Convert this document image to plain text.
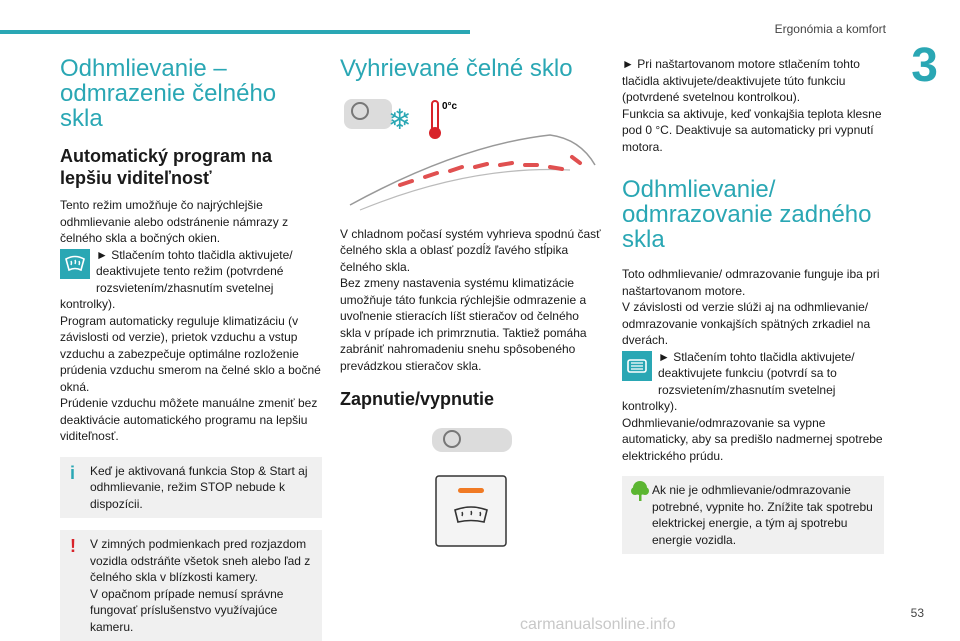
Ergonómia a komfort
3
Odhmlievanie –
odmrazenie čelného skla
Automatický program na
lepšiu viditeľnosť

Tento režim umožňuje čo najrýchlejšie odhmlievanie alebo odstránenie námrazy z čelného skla a bočných okien.

► Stlačením tohto tlačidla aktivujete/ deaktivujete tento režim (potvrdené rozsvietením/zhasnutím svetelnej kontrolky).

Program automaticky reguluje klimatizáciu (v závislosti od verzie), prietok vzduchu a vstup vzduchu a zabezpečuje optimálne rozloženie prúdenia vzduchu smerom na čelné sklo a bočné okná.
Prúdenie vzduchu môžete manuálne zmeniť bez deaktivácie automatického programu na lepšiu viditeľnosť.

i Keď je aktivovaná funkcia Stop & Start aj odhmlievanie, režim STOP nebude k dispozícii.

! V zimných podmienkach pred rozjazdom vozidla odstráňte všetok sneh alebo ľad z čelného skla v blízkosti kamery.
V opačnom prípade nemusí správne fungovať príslušenstvo využívajúce kameru.

Vyhrievané čelné sklo
❄	0°c

V chladnom počasí systém vyhrieva spodnú časť čelného skla a oblasť pozdĺž ľavého stĺpika čelného skla.
Bez zmeny nastavenia systému klimatizácie umožňuje táto funkcia rýchlejšie odmrazenie a uvoľnenie stieracích líšt stieračov od čelného skla v prípade ich primrznutia. Taktiež pomáha zabrániť nahromadeniu snehu spôsobeného prevádzkou stieračov skla.

Zapnutie/vypnutie

► Pri naštartovanom motore stlačením tohto tlačidla aktivujete/deaktivujete túto funkciu (potvrdené svetelnou kontrolkou).
Funkcia sa aktivuje, keď vonkajšia teplota klesne pod 0 °C. Deaktivuje sa automaticky pri vypnutí motora.

Odhmlievanie/
odmrazovanie zadného
skla

Toto odhmlievanie/ odmrazovanie funguje iba pri naštartovanom motore.
V závislosti od verzie slúži aj na odhmlievanie/ odmrazovanie vonkajších spätných zrkadiel na dverách.

► Stlačením tohto tlačidla aktivujete/ deaktivujete funkciu (potvrdí sa to rozsvietením/zhasnutím svetelnej kontrolky).

Odhmlievanie/odmrazovanie sa vypne automaticky, aby sa predišlo nadmernej spotrebe elektrického prúdu.

Ak nie je odhmlievanie/odmrazovanie potrebné, vypnite ho. Znížite tak spotrebu elektrickej energie, a tým aj spotrebu energie vozidla.

53
carmanualsonline.info
